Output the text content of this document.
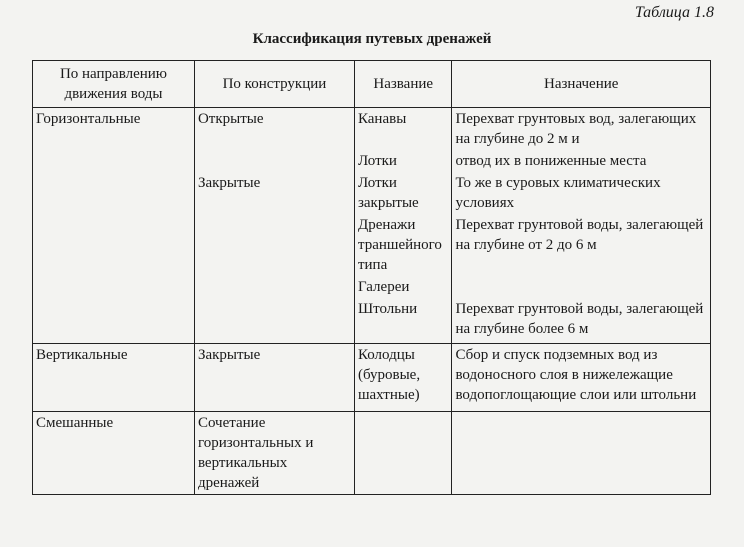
Таблица 1.8
Классификация путевых дренажей
По направлению движения воды	По конструкции	Название	Назначение
Горизонтальные	Открытые	Канавы	Перехват грунтовых вод, залегающих на глубине до 2 м и
		Лотки	отвод их в пониженные места
	Закрытые	Лотки закрытые	То же в суровых климатических условиях
		Дренажи траншейного типа	Перехват грунтовой воды, залегающей на глубине от 2 до 6 м
		Галереи	
		Штольни	Перехват грунтовой воды, залегающей на глубине более 6 м
Вертикальные	Закрытые	Колодцы (буровые, шахтные)	Сбор и спуск подземных вод из водоносного слоя в нижележащие водопоглощающие слои или штольни
Смешанные	Сочетание горизонтальных и вертикальных дренажей		
